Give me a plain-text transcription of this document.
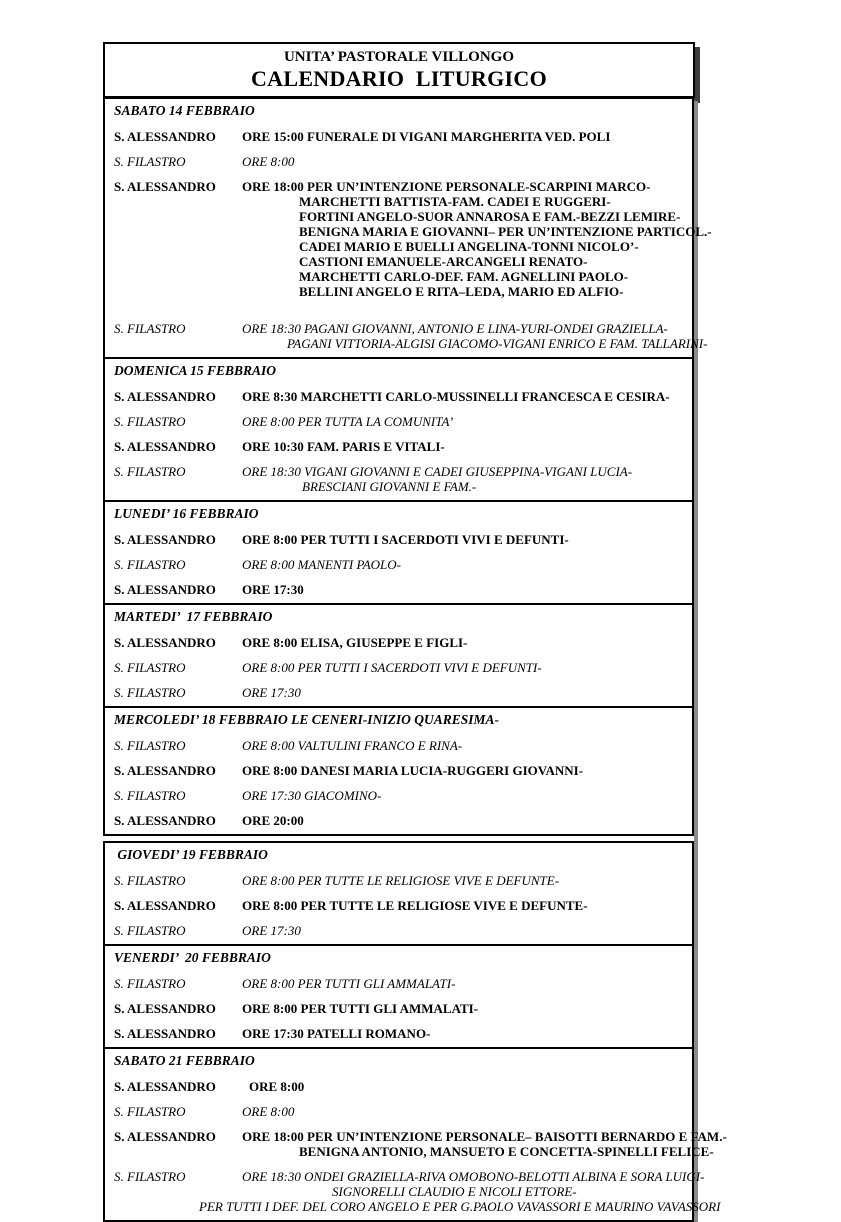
UNITA’ PASTORALE VILLONGO
CALENDARIO  LITURGICO
SABATO 14 FEBBRAIO
S. ALESSANDRO	ORE 15:00 FUNERALE DI VIGANI MARGHERITA VED. POLI
S. FILASTRO	ORE 8:00
S. ALESSANDRO	ORE 18:00 PER UN’INTENZIONE PERSONALE-SCARPINI MARCO-
MARCHETTI BATTISTA-FAM. CADEI E RUGGERI-
FORTINI ANGELO-SUOR ANNAROSA E FAM.-BEZZI LEMIRE-
BENIGNA MARIA E GIOVANNI– PER UN’INTENZIONE PARTICOL.-
CADEI MARIO E BUELLI ANGELINA-TONNI NICOLO’-
CASTIONI EMANUELE-ARCANGELI RENATO-
MARCHETTI CARLO-DEF. FAM. AGNELLINI PAOLO-
BELLINI ANGELO E RITA–LEDA, MARIO ED ALFIO-
S. FILASTRO	ORE 18:30 PAGANI GIOVANNI, ANTONIO E LINA-YURI-ONDEI GRAZIELLA-
PAGANI VITTORIA-ALGISI GIACOMO-VIGANI ENRICO E FAM. TALLARINI-
DOMENICA 15 FEBBRAIO
S. ALESSANDRO	ORE 8:30 MARCHETTI CARLO-MUSSINELLI FRANCESCA E CESIRA-
S. FILASTRO	ORE 8:00 PER TUTTA LA COMUNITA’
S. ALESSANDRO	ORE 10:30 FAM. PARIS E VITALI-
S. FILASTRO	ORE 18:30 VIGANI GIOVANNI E CADEI GIUSEPPINA-VIGANI LUCIA-
BRESCIANI GIOVANNI E FAM.-
LUNEDI’ 16 FEBBRAIO
S. ALESSANDRO	ORE 8:00 PER TUTTI I SACERDOTI VIVI E DEFUNTI-
S. FILASTRO	ORE 8:00 MANENTI PAOLO-
S. ALESSANDRO	ORE 17:30
MARTEDI’  17 FEBBRAIO
S. ALESSANDRO	ORE 8:00 ELISA, GIUSEPPE E FIGLI-
S. FILASTRO	ORE 8:00 PER TUTTI I SACERDOTI VIVI E DEFUNTI-
S. FILASTRO	ORE 17:30
MERCOLEDI’ 18 FEBBRAIO LE CENERI-INIZIO QUARESIMA-
S. FILASTRO	ORE 8:00 VALTULINI FRANCO E RINA-
S. ALESSANDRO	ORE 8:00 DANESI MARIA LUCIA-RUGGERI GIOVANNI-
S. FILASTRO	ORE 17:30 GIACOMINO-
S. ALESSANDRO	ORE 20:00
GIOVEDI’ 19 FEBBRAIO
S. FILASTRO	ORE 8:00 PER TUTTE LE RELIGIOSE VIVE E DEFUNTE-
S. ALESSANDRO	ORE 8:00 PER TUTTE LE RELIGIOSE VIVE E DEFUNTE-
S. FILASTRO	ORE 17:30
VENERDI’  20 FEBBRAIO
S. FILASTRO	ORE 8:00 PER TUTTI GLI AMMALATI-
S. ALESSANDRO	ORE 8:00 PER TUTTI GLI AMMALATI-
S. ALESSANDRO	ORE 17:30 PATELLI ROMANO-
SABATO 21 FEBBRAIO
S. ALESSANDRO	ORE 8:00
S. FILASTRO	ORE 8:00
S. ALESSANDRO	ORE 18:00 PER UN’INTENZIONE PERSONALE– BAISOTTI BERNARDO E FAM.-
BENIGNA ANTONIO, MANSUETO E CONCETTA-SPINELLI FELICE-
S. FILASTRO	ORE 18:30 ONDEI GRAZIELLA-RIVA OMOBONO-BELOTTI ALBINA E SORA LUIGI-
SIGNORELLI CLAUDIO E NICOLI ETTORE-
PER TUTTI I DEF. DEL CORO ANGELO E PER G.PAOLO VAVASSORI E MAURINO VAVASSORI
